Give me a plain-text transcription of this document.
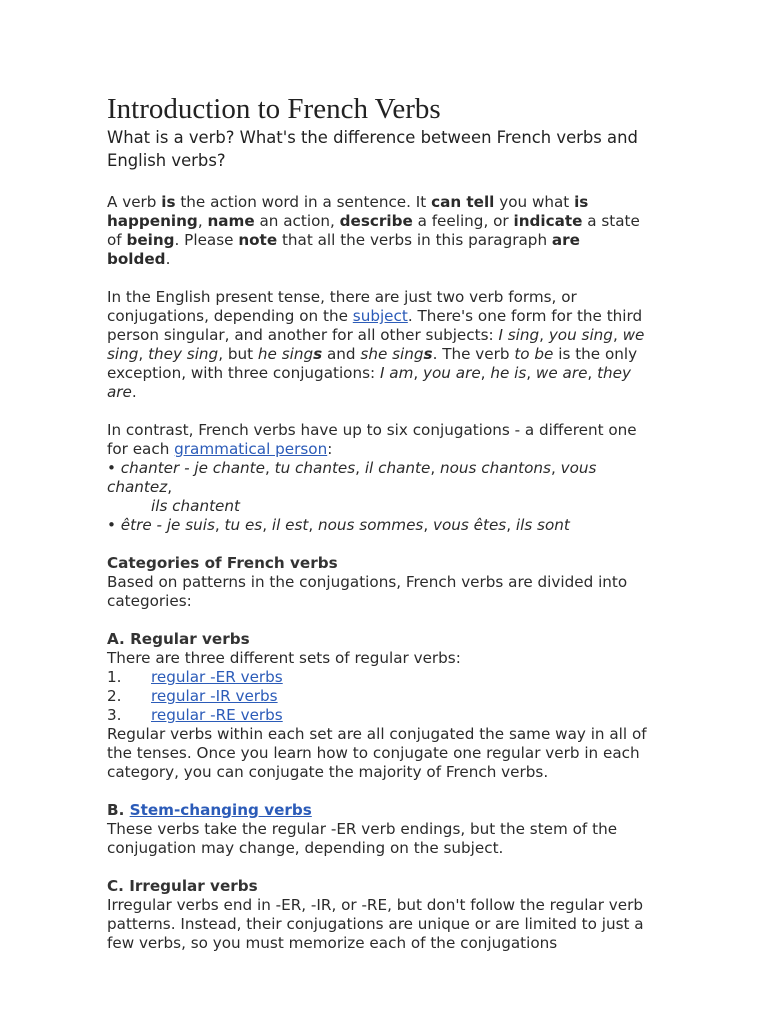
Introduction to French Verbs
What is a verb? What's the difference between French verbs and English verbs?

A verb is the action word in a sentence. It can tell you what is happening, name an action, describe a feeling, or indicate a state of being. Please note that all the verbs in this paragraph are bolded.

In the English present tense, there are just two verb forms, or conjugations, depending on the subject. There's one form for the third person singular, and another for all other subjects: I sing, you sing, we sing, they sing, but he sings and she sings. The verb to be is the only exception, with three conjugations: I am, you are, he is, we are, they are.

In contrast, French verbs have up to six conjugations - a different one for each grammatical person:

• chanter - je chante, tu chantes, il chante, nous chantons, vous chantez,
ils chantent

• être - je suis, tu es, il est, nous sommes, vous êtes, ils sont

Categories of French verbs

Based on patterns in the conjugations, French verbs are divided into categories:

A. Regular verbs

There are three different sets of regular verbs:

1.	regular -ER verbs
2.	regular -IR verbs
3.	regular -RE verbs

Regular verbs within each set are all conjugated the same way in all of the tenses. Once you learn how to conjugate one regular verb in each category, you can conjugate the majority of French verbs.

B. Stem-changing verbs

These verbs take the regular -ER verb endings, but the stem of the conjugation may change, depending on the subject.

C. Irregular verbs

Irregular verbs end in -ER, -IR, or -RE, but don't follow the regular verb patterns. Instead, their conjugations are unique or are limited to just a few verbs, so you must memorize each of the conjugations
